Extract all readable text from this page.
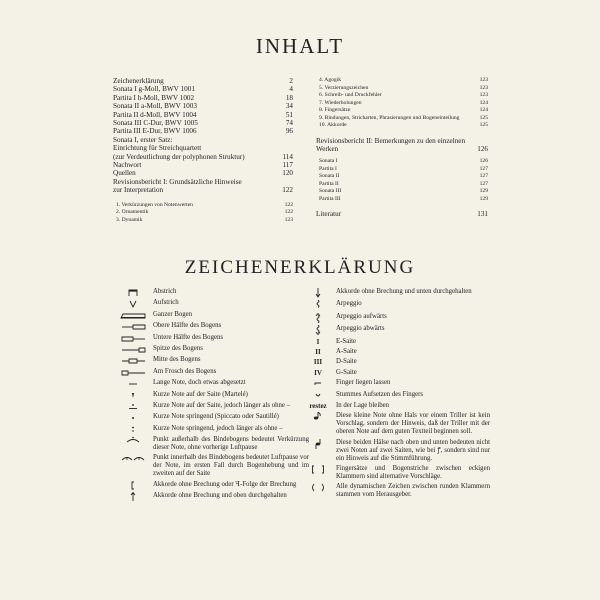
INHALT
Zeichenerklärung	2
Sonata I g-Moll, BWV 1001	4
Partita I h-Moll, BWV 1002	18
Sonata II a-Moll, BWV 1003	34
Partita II d-Moll, BWV 1004	51
Sonata III C-Dur, BWV 1005	74
Partita III E-Dur, BWV 1006	96
Sonata I, erster Satz:
Einrichtung für Streichquartett
(zur Verdeutlichung der polyphonen Struktur)	114
Nachwort	117
Quellen	120
Revisionsbericht I: Grundsätzliche Hinweise
zur Interpretation	122
1. Verkürzungen von Notenwerten	122
2. Ornamentik	122
3. Dynamik	123
4. Agogik	123
5. Verzierungszeichen	123
6. Schreib- und Druckfehler	123
7. Wiederholungen	124
8. Fingersätze	124
9. Bindungen, Stricharten, Phrasierungen und Bogeneinteilung	125
10. Akkorde	125
Revisionsbericht II: Bemerkungen zu den einzelnen
Werken	126
Sonata I	126
Partita I	127
Sonata II	127
Partita II	127
Sonata III	129
Partita III	129
Literatur	131
ZEICHENERKLÄRUNG
Abstrich
Aufstrich
Ganzer Bogen
Obere Hälfte des Bogens
Untere Hälfte des Bogens
Spitze des Bogens
Mitte des Bogens
Am Frosch des Bogens
Lange Note, doch etwas abgesetzt
Kurze Note auf der Saite (Martelé)
Kurze Note auf der Saite, jedoch länger als ohne –
Kurze Note springend (Spiccato oder Sautillé)
Kurze Note springend, jedoch länger als ohne –
Punkt außerhalb des Bindebogens bedeutet Verkürzung dieser Note, ohne vorherige Luftpause
Punkt innerhalb des Bindebogens bedeutet Luftpause vor der Note, im ersten Fall durch Bogenhebung und im zweiten auf der Saite
Akkorde ohne Brechung oder ꟻ-Folge der Brechung
Akkorde ohne Brechung und oben durchgehalten
Akkorde ohne Brechung und unten durchgehalten
Arpeggio
Arpeggio aufwärts
Arpeggio abwärts
I	E-Saite
II	A-Saite
III	D-Saite
IV	G-Saite
Finger liegen lassen
Stummes Aufsetzen des Fingers
restez	In der Lage bleiben
Diese kleine Note ohne Hals vor einem Triller ist kein Vorschlag, sondern der Hinweis, daß der Triller mit der oberen Note auf dem guten Textteil beginnen soll.
Diese beiden Hälse nach oben und unten bedeuten nicht zwei Noten auf zwei Saiten, wie bei ꝭ, sondern sind nur ein Hinweis auf die Stimmführung.
Fingersätze und Bogenstriche zwischen eckigen Klammern sind alternative Vorschläge.
Alle dynamischen Zeichen zwischen runden Klammern stammen vom Herausgeber.
